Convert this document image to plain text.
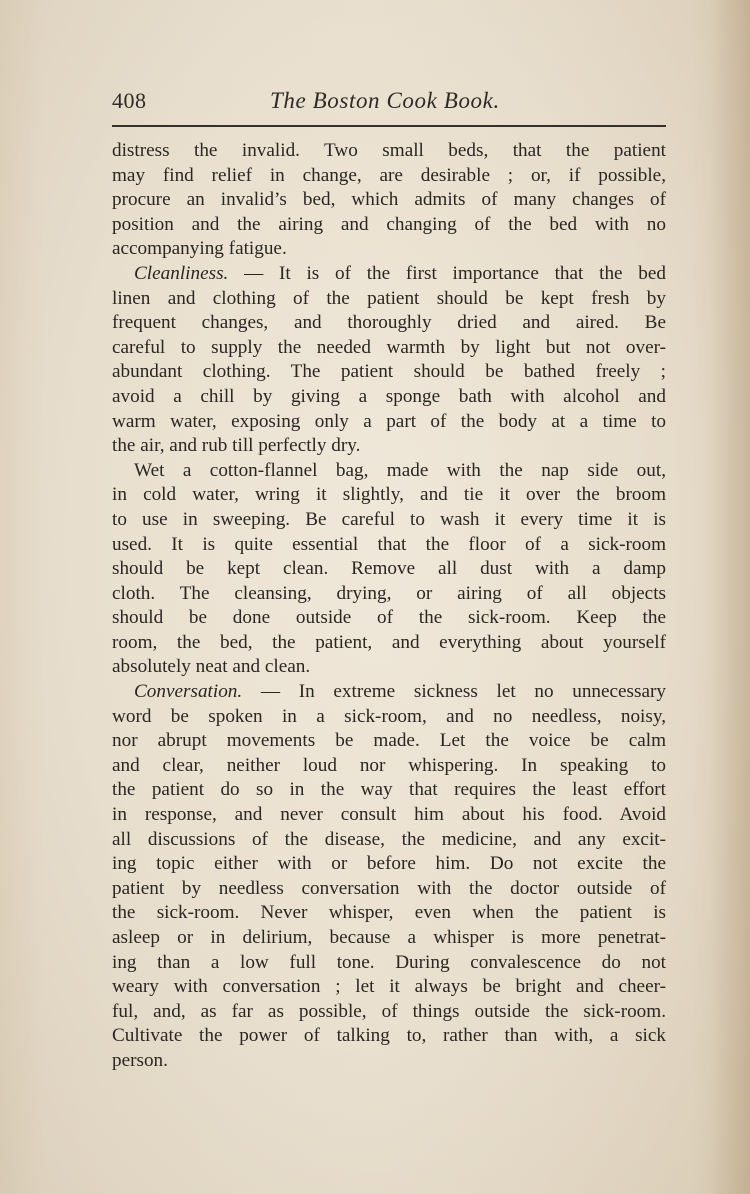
408	The Boston Cook Book.
distress the invalid. Two small beds, that the patient
may find relief in change, are desirable ; or, if possible,
procure an invalid’s bed, which admits of many changes of
position and the airing and changing of the bed with no
accompanying fatigue.
Cleanliness. — It is of the first importance that the bed
linen and clothing of the patient should be kept fresh by
frequent changes, and thoroughly dried and aired. Be
careful to supply the needed warmth by light but not over-
abundant clothing. The patient should be bathed freely ;
avoid a chill by giving a sponge bath with alcohol and
warm water, exposing only a part of the body at a time to
the air, and rub till perfectly dry.
Wet a cotton-flannel bag, made with the nap side out,
in cold water, wring it slightly, and tie it over the broom
to use in sweeping. Be careful to wash it every time it is
used. It is quite essential that the floor of a sick-room
should be kept clean. Remove all dust with a damp
cloth. The cleansing, drying, or airing of all objects
should be done outside of the sick-room. Keep the
room, the bed, the patient, and everything about yourself
absolutely neat and clean.
Conversation. — In extreme sickness let no unnecessary
word be spoken in a sick-room, and no needless, noisy,
nor abrupt movements be made. Let the voice be calm
and clear, neither loud nor whispering. In speaking to
the patient do so in the way that requires the least effort
in response, and never consult him about his food. Avoid
all discussions of the disease, the medicine, and any excit-
ing topic either with or before him. Do not excite the
patient by needless conversation with the doctor outside of
the sick-room. Never whisper, even when the patient is
asleep or in delirium, because a whisper is more penetrat-
ing than a low full tone. During convalescence do not
weary with conversation ; let it always be bright and cheer-
ful, and, as far as possible, of things outside the sick-room.
Cultivate the power of talking to, rather than with, a sick
person.
